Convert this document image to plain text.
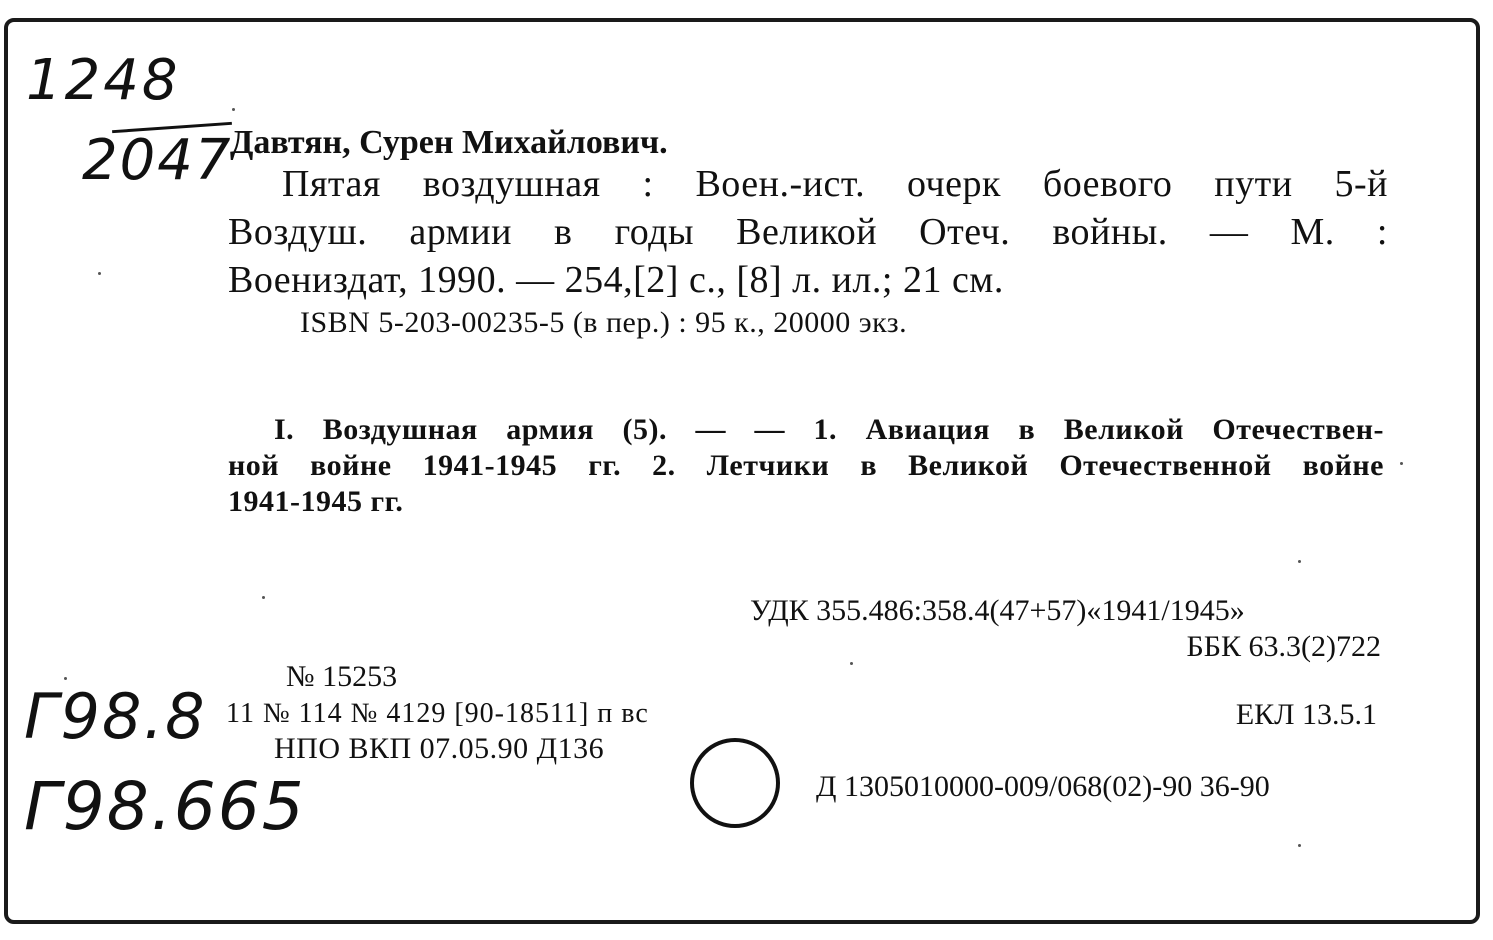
1248
2047
Г98.8
Г98.665
Давтян, Сурен Михайлович.
Пятая воздушная : Воен.-ист. очерк боевого пути 5-й
Воздуш. армии в годы Великой Отеч. войны. — М. :
Воениздат, 1990. — 254,[2] с., [8] л. ил.; 21 см.
ISBN 5-203-00235-5 (в пер.) : 95 к., 20000 экз.
I. Воздушная армия (5). — — 1. Авиация в Великой Отечествен-
ной войне 1941-1945 гг. 2. Летчики в Великой Отечественной войне
1941-1945 гг.
УДК 355.486:358.4(47+57)«1941/1945»
ББК 63.3(2)722
№ 15253
11 № 114 № 4129 [90-18511] п вс	ЕКЛ 13.5.1
НПО ВКП 07.05.90 Д136
Д 1305010000-009/068(02)-90 36-90
